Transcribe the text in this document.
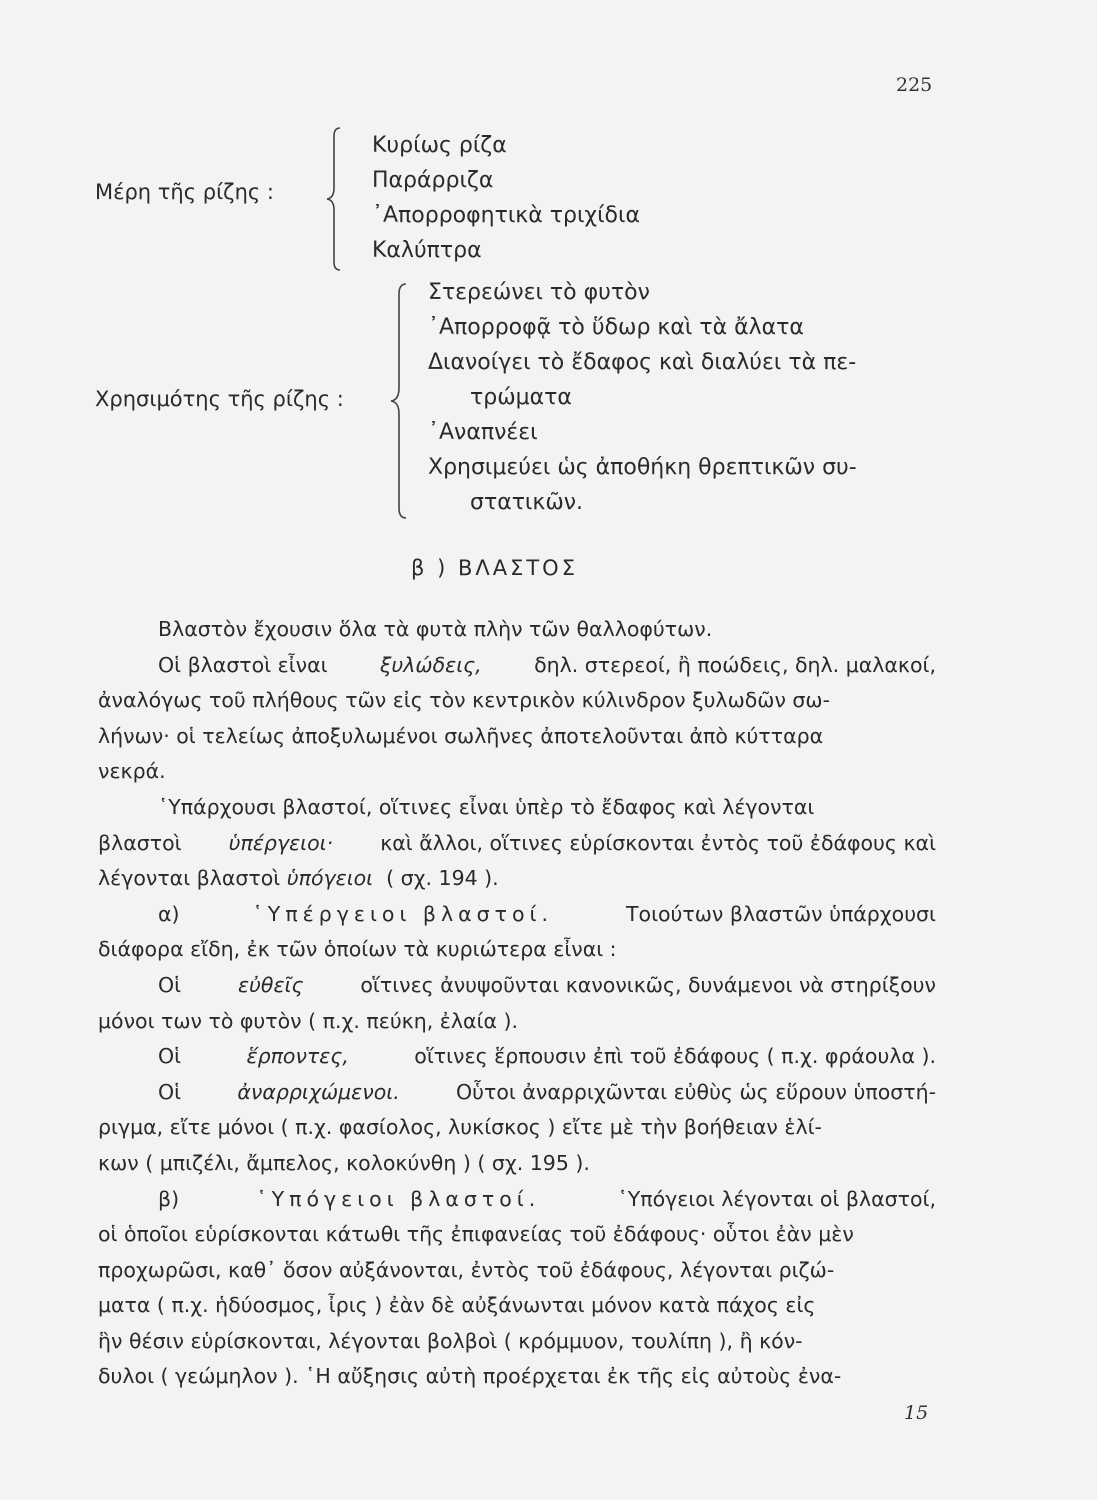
225
Μέρη τῆς ρίζης :
Κυρίως ρίζα
Παράρριζα
᾿Απορροφητικὰ τριχίδια
Καλύπτρα
Χρησιμότης τῆς ρίζης :
Στερεώνει τὸ φυτὸν
᾿Απορροφᾷ τὸ ὕδωρ καὶ τὰ ἄλατα
Διανοίγει τὸ ἔδαφος καὶ διαλύει τὰ πε-
τρώματα
᾿Αναπνέει
Χρησιμεύει ὡς ἀποθήκη θρεπτικῶν συ-
στατικῶν.
β ) ΒΛΑΣΤΟΣ
Βλαστὸν ἔχουσιν ὅλα τὰ φυτὰ πλὴν τῶν θαλλοφύτων.
Οἱ βλαστοὶ εἶναι	ξυλώδεις,	δηλ. στερεοί, ἢ ποώδεις, δηλ. μαλακοί,
ἀναλόγως τοῦ πλήθους τῶν εἰς τὸν κεντρικὸν κύλινδρον ξυλωδῶν σω-
λήνων· οἱ τελείως ἀποξυλωμένοι σωλῆνες ἀποτελοῦνται ἀπὸ κύτταρα
νεκρά.
῾Υπάρχουσι βλαστοί, οἵτινες εἶναι ὑπὲρ τὸ ἔδαφος καὶ λέγονται
βλαστοὶ ὑπέργειοι· καὶ ἄλλοι, οἵτινες εὑρίσκονται ἐντὸς τοῦ ἐδάφους καὶ
λέγονται βλαστοὶ
ὑπόγειοι
( σχ. 194 ).
α)	῾Υπέργειοι βλαστοί.	Τοιούτων βλαστῶν ὑπάρχουσι
διάφορα εἴδη, ἐκ τῶν ὁποίων τὰ κυριώτερα εἶναι :
Οἱ	εὐθεῖς	οἵτινες ἀνυψοῦνται κανονικῶς, δυνάμενοι νὰ στηρίξουν
μόνοι των τὸ φυτὸν ( π.χ. πεύκη, ἐλαία ).
Οἱ	ἕρποντες,	οἵτινες ἕρπουσιν ἐπὶ τοῦ ἐδάφους ( π.χ. φράουλα ).
Οἱ	ἀναρριχώμενοι.	Οὗτοι ἀναρριχῶνται εὐθὺς ὡς εὕρουν ὑποστή-
ριγμα, εἴτε μόνοι ( π.χ. φασίολος, λυκίσκος ) εἴτε μὲ τὴν βοήθειαν ἑλί-
κων ( μπιζέλι, ἄμπελος, κολοκύνθη ) ( σχ. 195 ).
β)	῾Υπόγειοι βλαστοί.	῾Υπόγειοι λέγονται οἱ βλαστοί,
οἱ ὁποῖοι εὑρίσκονται κάτωθι τῆς ἐπιφανείας τοῦ ἐδάφους· οὗτοι ἐὰν μὲν
προχωρῶσι, καθ᾿ ὅσον αὐξάνονται, ἐντὸς τοῦ ἐδάφους, λέγονται ριζώ-
ματα ( π.χ. ἡδύοσμος, ἶρις ) ἐὰν δὲ αὐξάνωνται μόνον κατὰ πάχος εἰς
ἣν θέσιν εὑρίσκονται, λέγονται βολβοὶ ( κρόμμυον, τουλίπη ), ἢ κόν-
δυλοι ( γεώμηλον ). ῾Η αὔξησις αὐτὴ προέρχεται ἐκ τῆς εἰς αὐτοὺς ἐνα-
15
